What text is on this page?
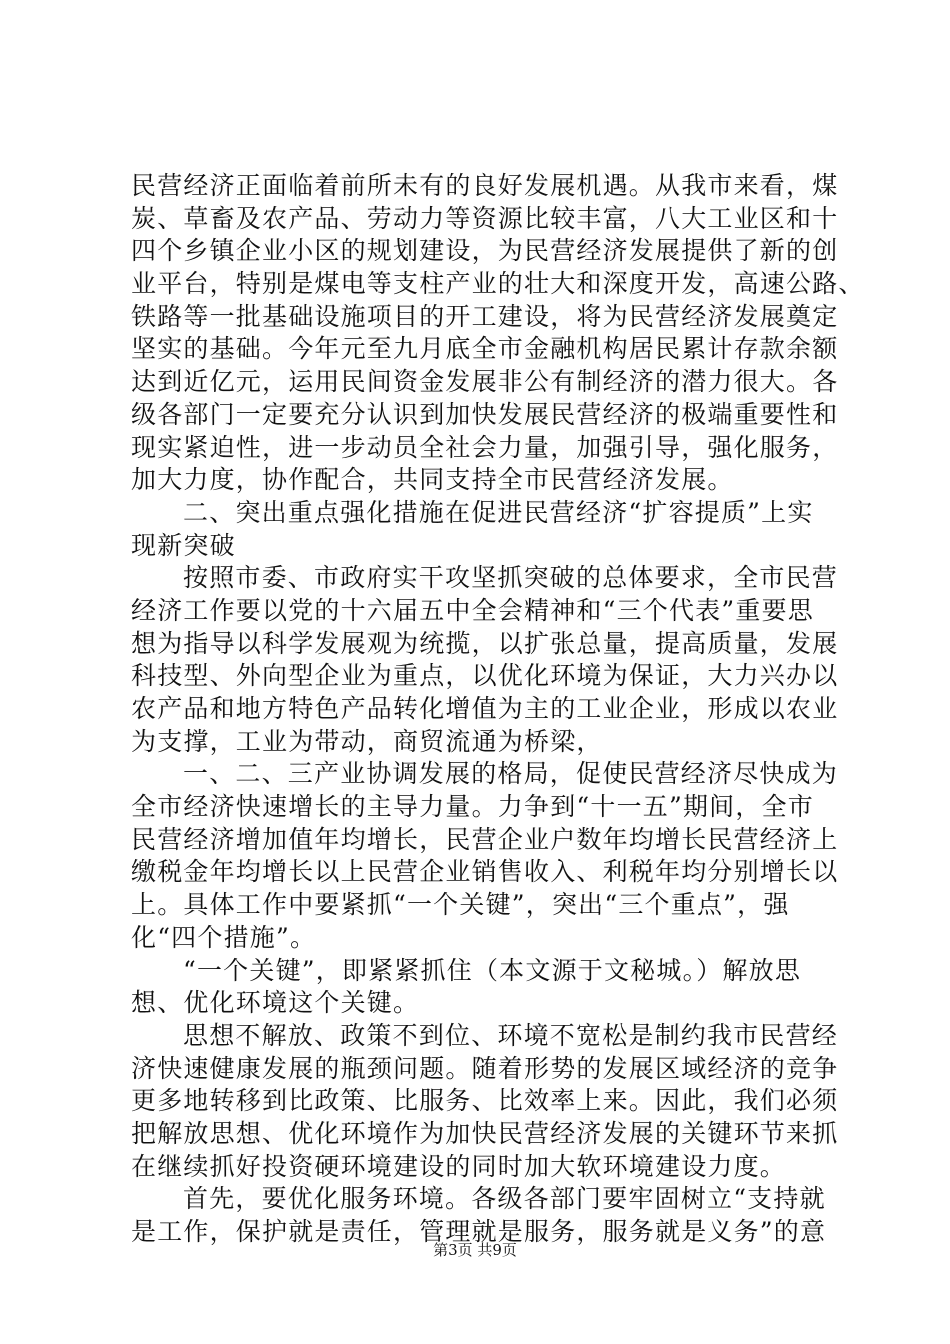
民营经济正面临着前所未有的良好发展机遇。从我市来看，煤
炭、草畜及农产品、劳动力等资源比较丰富，八大工业区和十
四个乡镇企业小区的规划建设，为民营经济发展提供了新的创
业平台，特别是煤电等支柱产业的壮大和深度开发，高速公路、
铁路等一批基础设施项目的开工建设，将为民营经济发展奠定
坚实的基础。今年元至九月底全市金融机构居民累计存款余额
达到近亿元，运用民间资金发展非公有制经济的潜力很大。各
级各部门一定要充分认识到加快发展民营经济的极端重要性和
现实紧迫性，进一步动员全社会力量，加强引导，强化服务，
加大力度，协作配合，共同支持全市民营经济发展。
二、突出重点强化措施在促进民营经济“扩容提质”上实
现新突破
按照市委、市政府实干攻坚抓突破的总体要求，全市民营
经济工作要以党的十六届五中全会精神和“三个代表”重要思
想为指导以科学发展观为统揽，以扩张总量，提高质量，发展
科技型、外向型企业为重点，以优化环境为保证，大力兴办以
农产品和地方特色产品转化增值为主的工业企业，形成以农业
为支撑，工业为带动，商贸流通为桥梁，
一、二、三产业协调发展的格局，促使民营经济尽快成为
全市经济快速增长的主导力量。力争到“十一五”期间，全市
民营经济增加值年均增长，民营企业户数年均增长民营经济上
缴税金年均增长以上民营企业销售收入、利税年均分别增长以
上。具体工作中要紧抓“一个关键”，突出“三个重点”，强
化“四个措施”。
“一个关键”，即紧紧抓住（本文源于文秘城。）解放思
想、优化环境这个关键。
思想不解放、政策不到位、环境不宽松是制约我市民营经
济快速健康发展的瓶颈问题。随着形势的发展区域经济的竞争
更多地转移到比政策、比服务、比效率上来。因此，我们必须
把解放思想、优化环境作为加快民营经济发展的关键环节来抓
在继续抓好投资硬环境建设的同时加大软环境建设力度。
首先，要优化服务环境。各级各部门要牢固树立“支持就
是工作，保护就是责任，管理就是服务，服务就是义务”的意
第3页 共9页
